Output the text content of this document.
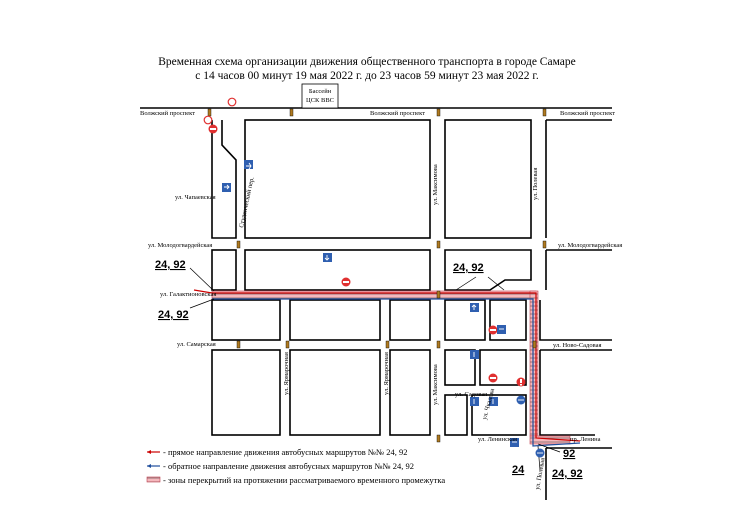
Временная схема организации движения общественного транспорта в городе Самаре
с 14 часов 00 минут 19 мая 2022 г. до 23 часов 59 минут 23 мая 2022 г.
Бассейн
ЦСК ВВС
Волжский проспект	Волжский проспект	Волжский проспект
ул. Чапаевская	Студенческий пер.	ул. Максимова	ул. Полевая
ул. Молодогвардейская	ул. Молодогвардейская
ул. Галактионовская
ул. Самарская	ул. Ново-Садовая
ул. Ярмарочная	ул. Ярмарочная	ул. Максимова ул. Садовая
ул. Чкалова
ул. Ленинская	пр. Ленина
ул. Полевая
24, 92
24, 92
24, 92
92
24	24, 92
- прямое направление движения автобусных маршрутов №№ 24, 92
- обратное направление движения автобусных маршрутов №№ 24, 92
- зоны перекрытий на протяжении рассматриваемого временного промежутка
